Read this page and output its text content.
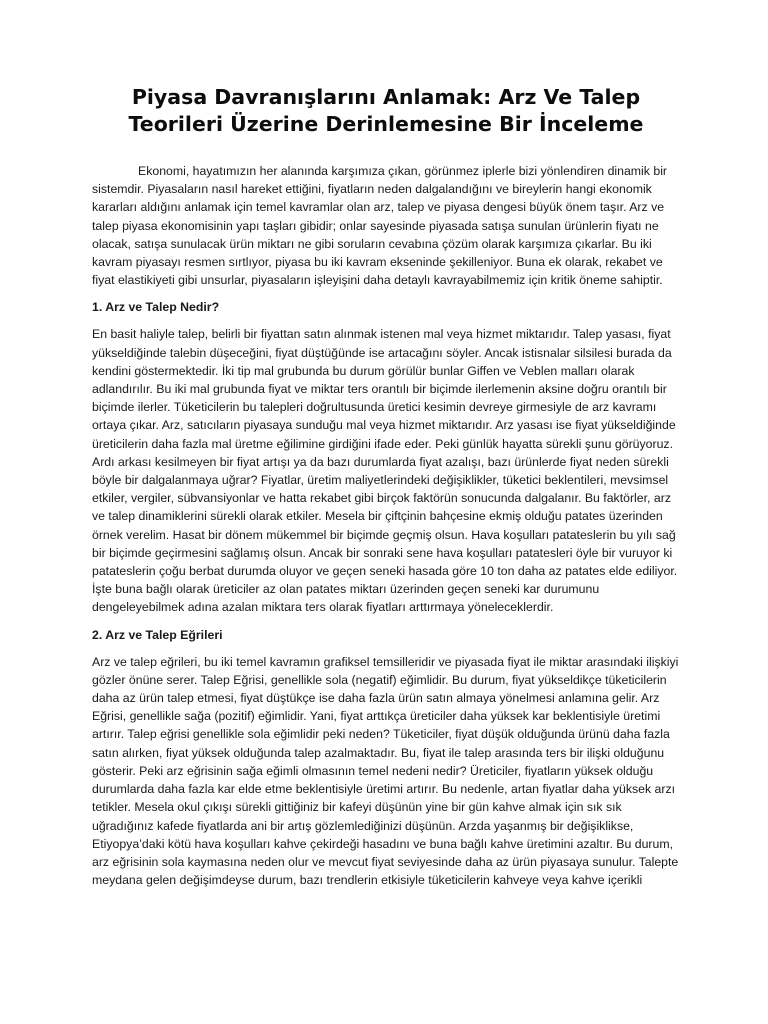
Piyasa Davranışlarını Anlamak: Arz Ve Talep
Teorileri Üzerine Derinlemesine Bir İnceleme

Ekonomi, hayatımızın her alanında karşımıza çıkan, görünmez iplerle bizi yönlendiren dinamik bir sistemdir. Piyasaların nasıl hareket ettiğini, fiyatların neden dalgalandığını ve bireylerin hangi ekonomik kararları aldığını anlamak için temel kavramlar olan arz, talep ve piyasa dengesi büyük önem taşır. Arz ve talep piyasa ekonomisinin yapı taşları gibidir; onlar sayesinde piyasada satışa sunulan ürünlerin fiyatı ne olacak, satışa sunulacak ürün miktarı ne gibi soruların cevabına çözüm olarak karşımıza çıkarlar. Bu iki kavram piyasayı resmen sırtlıyor, piyasa bu iki kavram ekseninde şekilleniyor. Buna ek olarak, rekabet ve fiyat elastikiyeti gibi unsurlar, piyasaların işleyişini daha detaylı kavrayabilmemiz için kritik öneme sahiptir.

1. Arz ve Talep Nedir?

En basit haliyle talep, belirli bir fiyattan satın alınmak istenen mal veya hizmet miktarıdır. Talep yasası, fiyat yükseldiğinde talebin düşeceğini, fiyat düştüğünde ise artacağını söyler. Ancak istisnalar silsilesi burada da kendini göstermektedir. İki tip mal grubunda bu durum görülür bunlar Giffen ve Veblen malları olarak adlandırılır. Bu iki mal grubunda fiyat ve miktar ters orantılı bir biçimde ilerlemenin aksine doğru orantılı bir biçimde ilerler. Tüketicilerin bu talepleri doğrultusunda üretici kesimin devreye girmesiyle de arz kavramı ortaya çıkar. Arz, satıcıların piyasaya sunduğu mal veya hizmet miktarıdır. Arz yasası ise fiyat yükseldiğinde üreticilerin daha fazla mal üretme eğilimine girdiğini ifade eder. Peki günlük hayatta sürekli şunu görüyoruz. Ardı arkası kesilmeyen bir fiyat artışı ya da bazı durumlarda fiyat azalışı, bazı ürünlerde fiyat neden sürekli böyle bir dalgalanmaya uğrar? Fiyatlar, üretim maliyetlerindeki değişiklikler, tüketici beklentileri, mevsimsel etkiler, vergiler, sübvansiyonlar ve hatta rekabet gibi birçok faktörün sonucunda dalgalanır. Bu faktörler, arz ve talep dinamiklerini sürekli olarak etkiler. Mesela bir çiftçinin bahçesine ekmiş olduğu patates üzerinden örnek verelim. Hasat bir dönem mükemmel bir biçimde geçmiş olsun. Hava koşulları patateslerin bu yılı sağ bir biçimde geçirmesini sağlamış olsun. Ancak bir sonraki sene hava koşulları patatesleri öyle bir vuruyor ki patateslerin çoğu berbat durumda oluyor ve geçen seneki hasada göre 10 ton daha az patates elde ediliyor. İşte buna bağlı olarak üreticiler az olan patates miktarı üzerinden geçen seneki kar durumunu dengeleyebilmek adına azalan miktara ters olarak fiyatları arttırmaya yöneleceklerdir.

2. Arz ve Talep Eğrileri

Arz ve talep eğrileri, bu iki temel kavramın grafiksel temsilleridir ve piyasada fiyat ile miktar arasındaki ilişkiyi gözler önüne serer. Talep Eğrisi, genellikle sola (negatif) eğimlidir. Bu durum, fiyat yükseldikçe tüketicilerin daha az ürün talep etmesi, fiyat düştükçe ise daha fazla ürün satın almaya yönelmesi anlamına gelir. Arz Eğrisi, genellikle sağa (pozitif) eğimlidir. Yani, fiyat arttıkça üreticiler daha yüksek kar beklentisiyle üretimi artırır. Talep eğrisi genellikle sola eğimlidir peki neden? Tüketiciler, fiyat düşük olduğunda ürünü daha fazla satın alırken, fiyat yüksek olduğunda talep azalmaktadır. Bu, fiyat ile talep arasında ters bir ilişki olduğunu gösterir. Peki arz eğrisinin sağa eğimli olmasının temel nedeni nedir? Üreticiler, fiyatların yüksek olduğu durumlarda daha fazla kar elde etme beklentisiyle üretimi artırır. Bu nedenle, artan fiyatlar daha yüksek arzı tetikler. Mesela okul çıkışı sürekli gittiğiniz bir kafeyi düşünün yine bir gün kahve almak için sık sık uğradığınız kafede fiyatlarda ani bir artış gözlemlediğinizi düşünün. Arzda yaşanmış bir değişiklikse, Etiyopya’daki kötü hava koşulları kahve çekirdeği hasadını ve buna bağlı kahve üretimini azaltır. Bu durum, arz eğrisinin sola kaymasına neden olur ve mevcut fiyat seviyesinde daha az ürün piyasaya sunulur. Talepte meydana gelen değişimdeyse durum, bazı trendlerin etkisiyle tüketicilerin kahveye veya kahve içerikli
